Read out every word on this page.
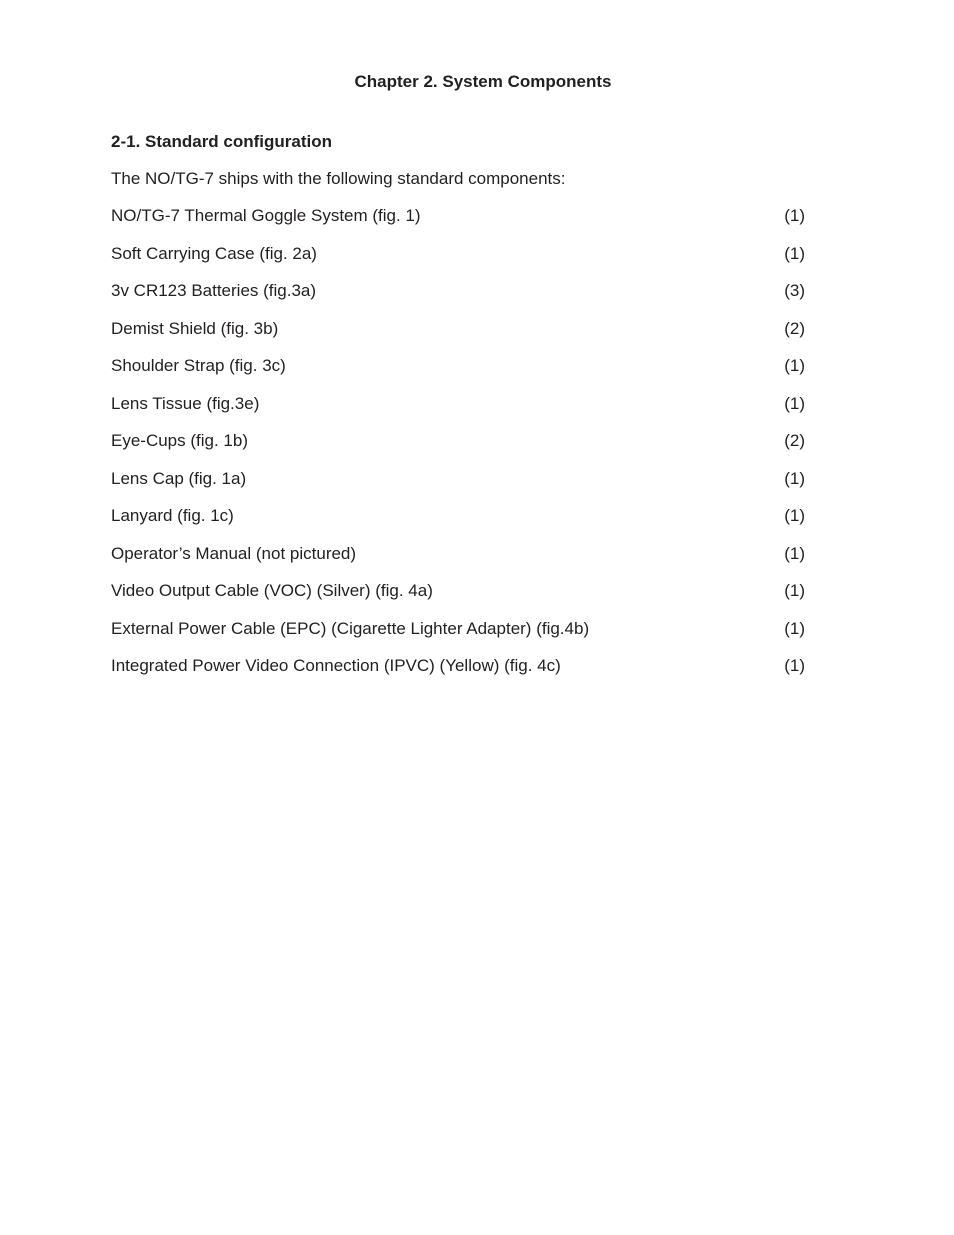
Chapter 2. System Components
2-1. Standard configuration
The NO/TG-7 ships with the following standard components:
NO/TG-7 Thermal Goggle System (fig. 1)	(1)
Soft Carrying Case (fig. 2a)	(1)
3v CR123 Batteries (fig.3a)	(3)
Demist Shield (fig. 3b)	(2)
Shoulder Strap (fig. 3c)	(1)
Lens Tissue (fig.3e)	(1)
Eye-Cups (fig. 1b)	(2)
Lens Cap (fig. 1a)	(1)
Lanyard (fig. 1c)	(1)
Operator’s Manual (not pictured)	(1)
Video Output Cable (VOC) (Silver) (fig. 4a)	(1)
External Power Cable (EPC) (Cigarette Lighter Adapter) (fig.4b)	(1)
Integrated Power Video Connection (IPVC) (Yellow) (fig. 4c)	(1)
